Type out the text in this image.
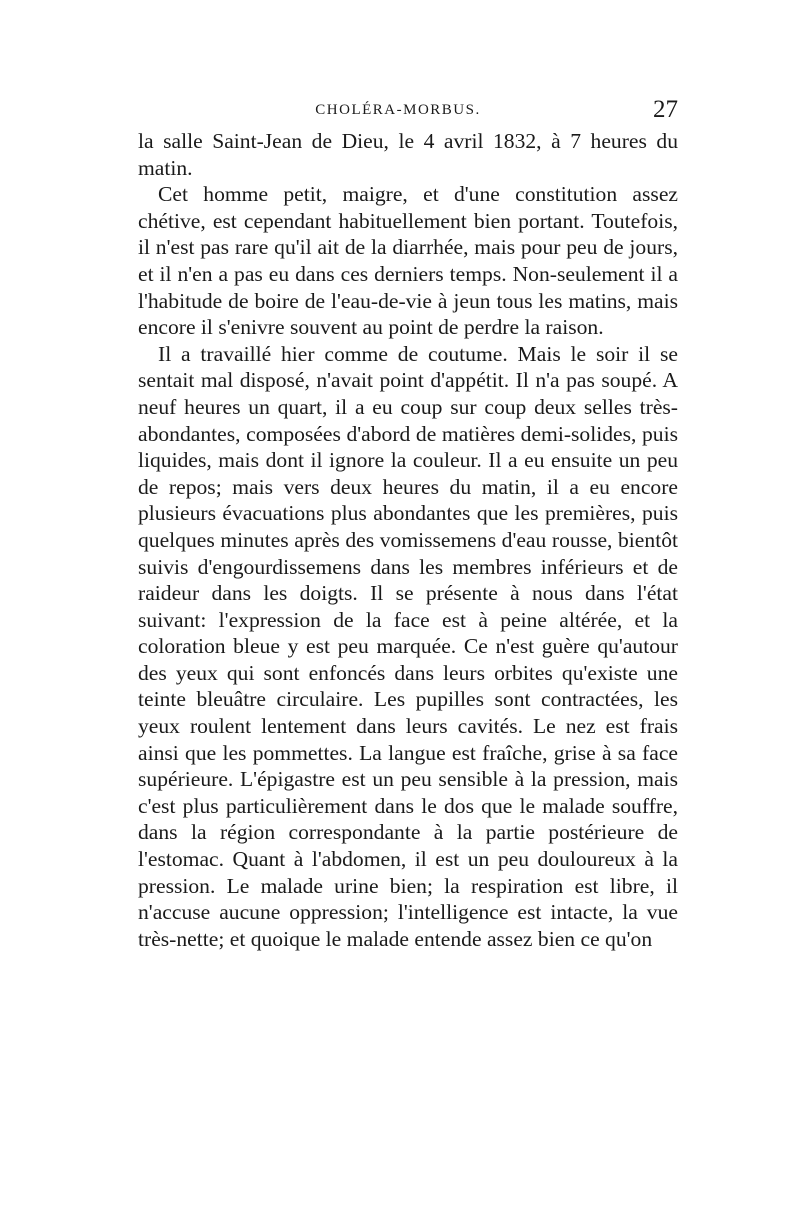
CHOLÉRA-MORBUS.	27

la salle Saint-Jean de Dieu, le 4 avril 1832, à 7 heures du matin.

Cet homme petit, maigre, et d'une constitution assez chétive, est cependant habituellement bien portant. Toutefois, il n'est pas rare qu'il ait de la diarrhée, mais pour peu de jours, et il n'en a pas eu dans ces derniers temps. Non-seulement il a l'habitude de boire de l'eau-de-vie à jeun tous les matins, mais encore il s'enivre souvent au point de perdre la raison.

Il a travaillé hier comme de coutume. Mais le soir il se sentait mal disposé, n'avait point d'appétit. Il n'a pas soupé. A neuf heures un quart, il a eu coup sur coup deux selles très-abondantes, composées d'abord de matières demi-solides, puis liquides, mais dont il ignore la couleur. Il a eu ensuite un peu de repos; mais vers deux heures du matin, il a eu encore plusieurs évacuations plus abondantes que les premières, puis quelques minutes après des vomissemens d'eau rousse, bientôt suivis d'engourdissemens dans les membres inférieurs et de raideur dans les doigts. Il se présente à nous dans l'état suivant: l'expression de la face est à peine altérée, et la coloration bleue y est peu marquée. Ce n'est guère qu'autour des yeux qui sont enfoncés dans leurs orbites qu'existe une teinte bleuâtre circulaire. Les pupilles sont contractées, les yeux roulent lentement dans leurs cavités. Le nez est frais ainsi que les pommettes. La langue est fraîche, grise à sa face supérieure. L'épigastre est un peu sensible à la pression, mais c'est plus particulièrement dans le dos que le malade souffre, dans la région correspondante à la partie postérieure de l'estomac. Quant à l'abdomen, il est un peu douloureux à la pression. Le malade urine bien; la respiration est libre, il n'accuse aucune oppression; l'intelligence est intacte, la vue très-nette; et quoique le malade entende assez bien ce qu'on
